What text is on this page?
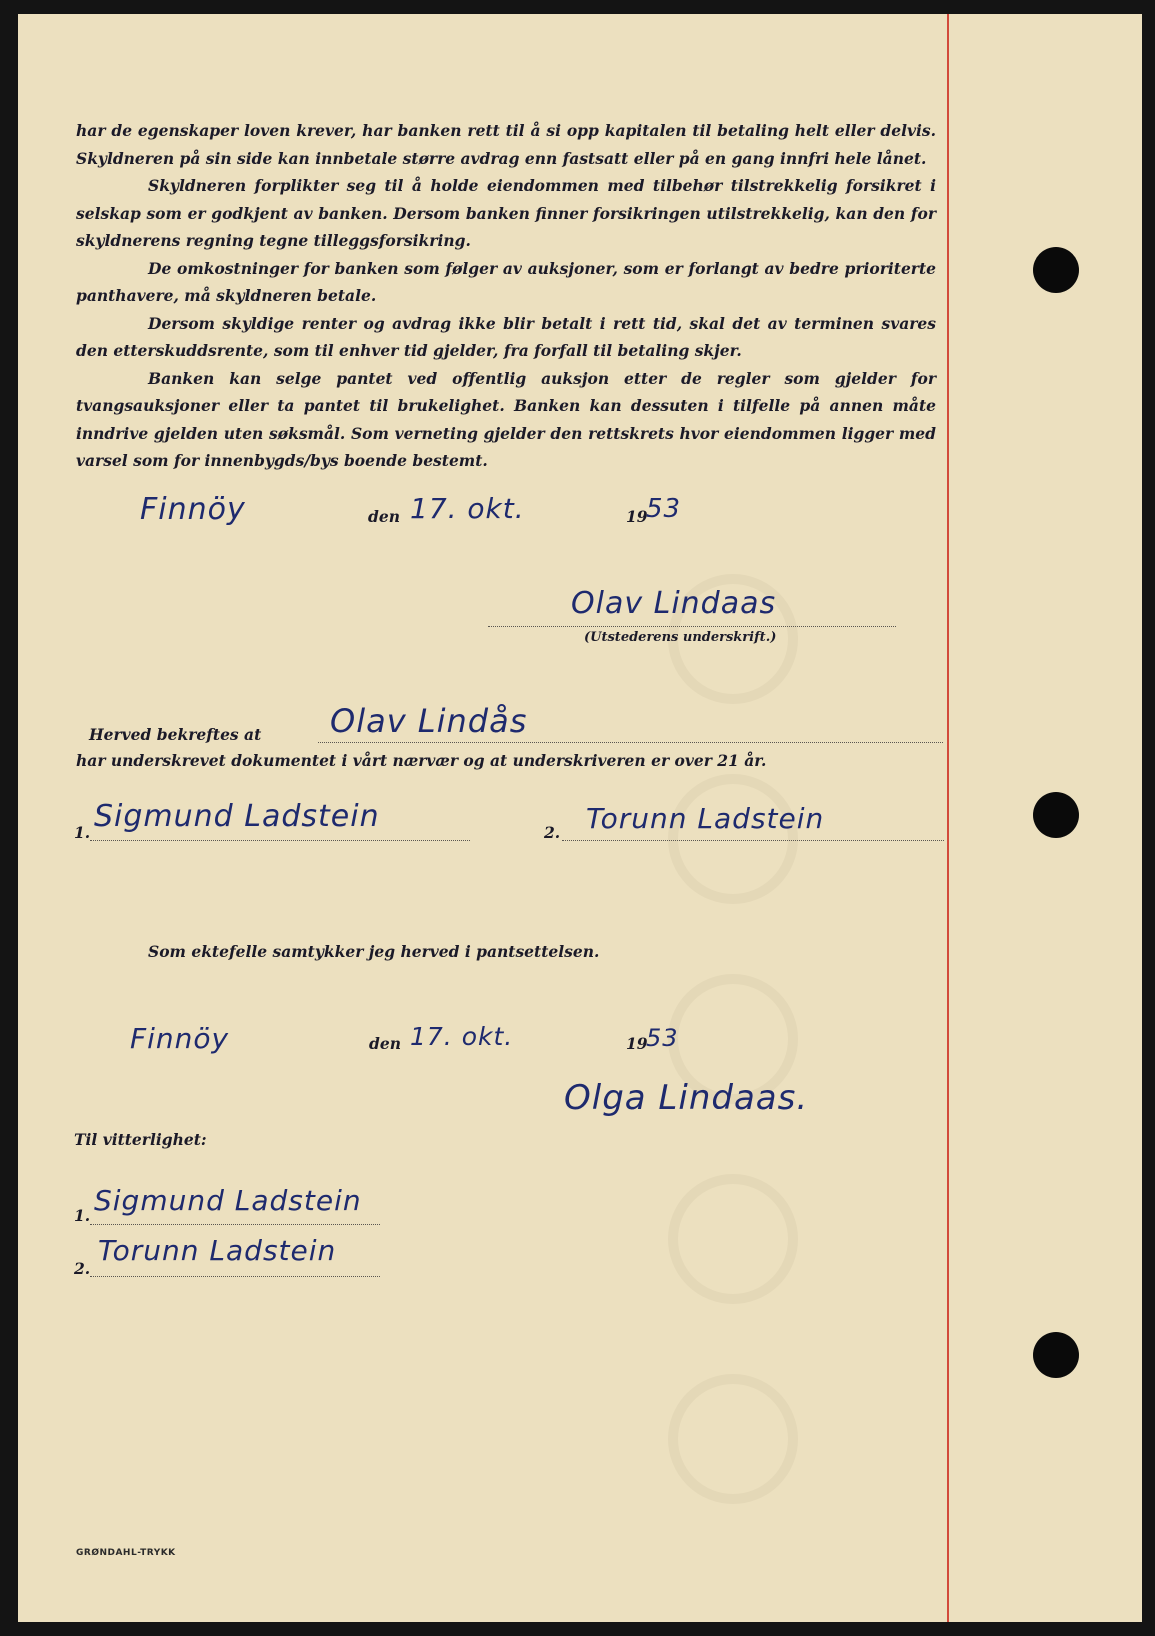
har de egenskaper loven krever, har banken rett til å si opp kapitalen til betaling helt eller delvis. Skyldneren på sin side kan innbetale større avdrag enn fastsatt eller på en gang innfri hele lånet.

Skyldneren forplikter seg til å holde eiendommen med tilbehør tilstrekkelig forsikret i selskap som er godkjent av banken. Dersom banken finner forsikringen utilstrekkelig, kan den for skyldnerens regning tegne tilleggsforsikring.

De omkostninger for banken som følger av auksjoner, som er forlangt av bedre prioriterte panthavere, må skyldneren betale.

Dersom skyldige renter og avdrag ikke blir betalt i rett tid, skal det av terminen svares den etterskuddsrente, som til enhver tid gjelder, fra forfall til betaling skjer.

Banken kan selge pantet ved offentlig auksjon etter de regler som gjelder for tvangsauksjoner eller ta pantet til brukelighet. Banken kan dessuten i tilfelle på annen måte inndrive gjelden uten søksmål. Som verneting gjelder den rettskrets hvor eiendommen ligger med varsel som for innenbygds/bys boende bestemt.

Finnöy	den 17. okt.	19
53
Olav Lindaas
(Utstederens underskrift.)
Herved bekreftes at Olav Lindås
har underskrevet dokumentet i vårt nærvær og at underskriveren er over 21 år.
1. Sigmund Ladstein	2. Torunn Ladstein
Som ektefelle samtykker jeg herved i pantsettelsen.
Finnöy	den 17. okt.	19
53
Olga Lindaas.
Til vitterlighet:
1. Sigmund Ladstein
2.
Torunn Ladstein
GRØNDAHL-TRYKK
